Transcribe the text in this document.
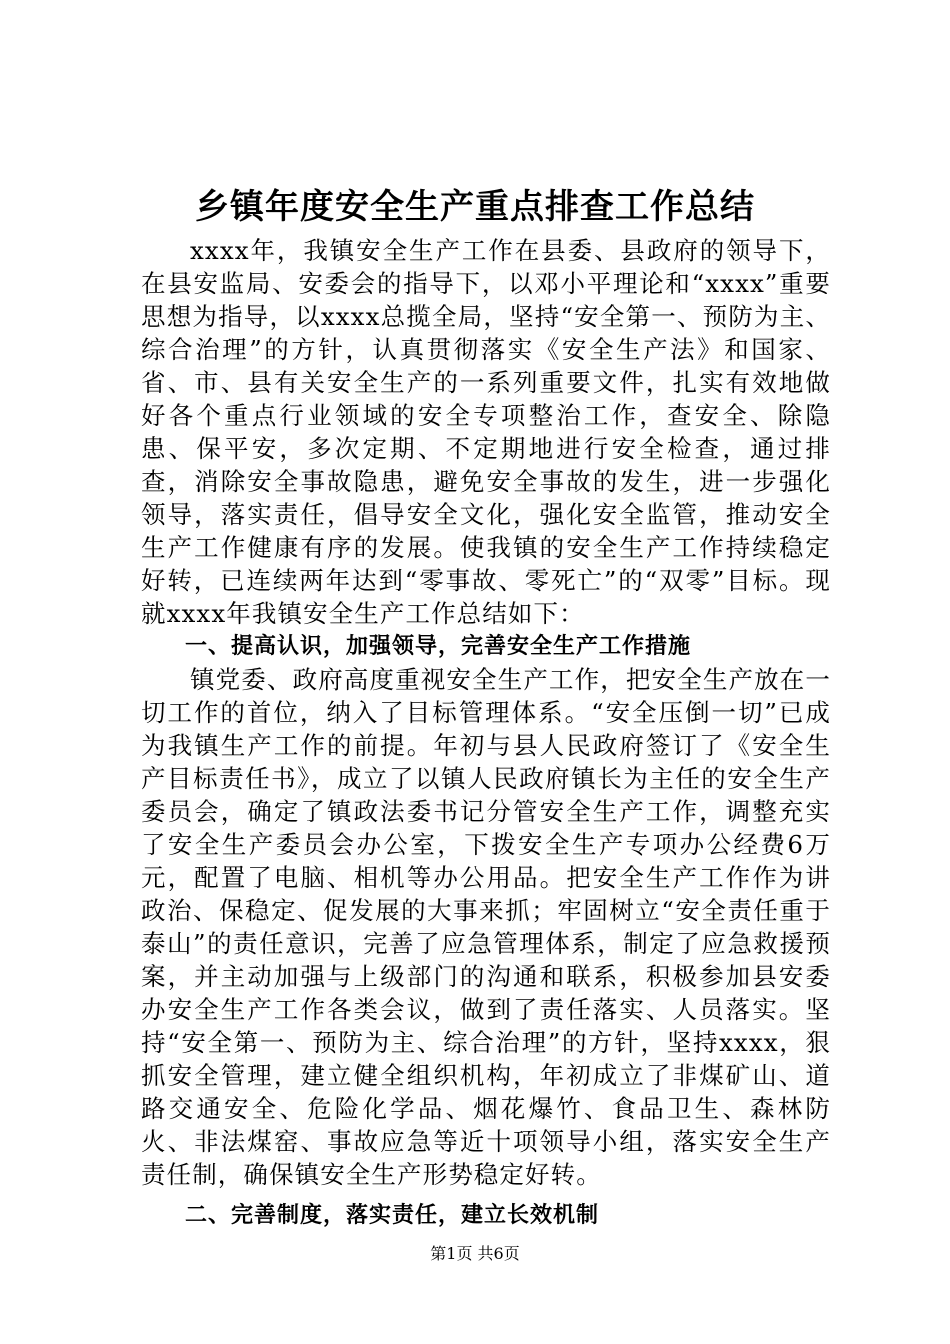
乡镇年度安全生产重点排查工作总结

xxxx年，我镇安全生产工作在县委、县政府的领导下，在县安监局、安委会的指导下，以邓小平理论和“xxxx”重要思想为指导，以xxxx总揽全局，坚持“安全第一、预防为主、综合治理”的方针，认真贯彻落实《安全生产法》和国家、省、市、县有关安全生产的一系列重要文件，扎实有效地做好各个重点行业领域的安全专项整治工作，查安全、除隐患、保平安，多次定期、不定期地进行安全检查，通过排查，消除安全事故隐患，避免安全事故的发生，进一步强化领导，落实责任，倡导安全文化，强化安全监管，推动安全生产工作健康有序的发展。使我镇的安全生产工作持续稳定好转，已连续两年达到“零事故、零死亡”的“双零”目标。现就xxxx年我镇安全生产工作总结如下：

一、提高认识，加强领导，完善安全生产工作措施

镇党委、政府高度重视安全生产工作，把安全生产放在一切工作的首位，纳入了目标管理体系。“安全压倒一切”已成为我镇生产工作的前提。年初与县人民政府签订了《安全生产目标责任书》，成立了以镇人民政府镇长为主任的安全生产委员会，确定了镇政法委书记分管安全生产工作，调整充实了安全生产委员会办公室，下拨安全生产专项办公经费6万元，配置了电脑、相机等办公用品。把安全生产工作作为讲政治、保稳定、促发展的大事来抓；牢固树立“安全责任重于泰山”的责任意识，完善了应急管理体系，制定了应急救援预案，并主动加强与上级部门的沟通和联系，积极参加县安委办安全生产工作各类会议，做到了责任落实、人员落实。坚持“安全第一、预防为主、综合治理”的方针，坚持xxxx，狠抓安全管理，建立健全组织机构，年初成立了非煤矿山、道路交通安全、危险化学品、烟花爆竹、食品卫生、森林防火、非法煤窑、事故应急等近十项领导小组，落实安全生产责任制，确保镇安全生产形势稳定好转。

二、完善制度，落实责任，建立长效机制

第1页 共6页
